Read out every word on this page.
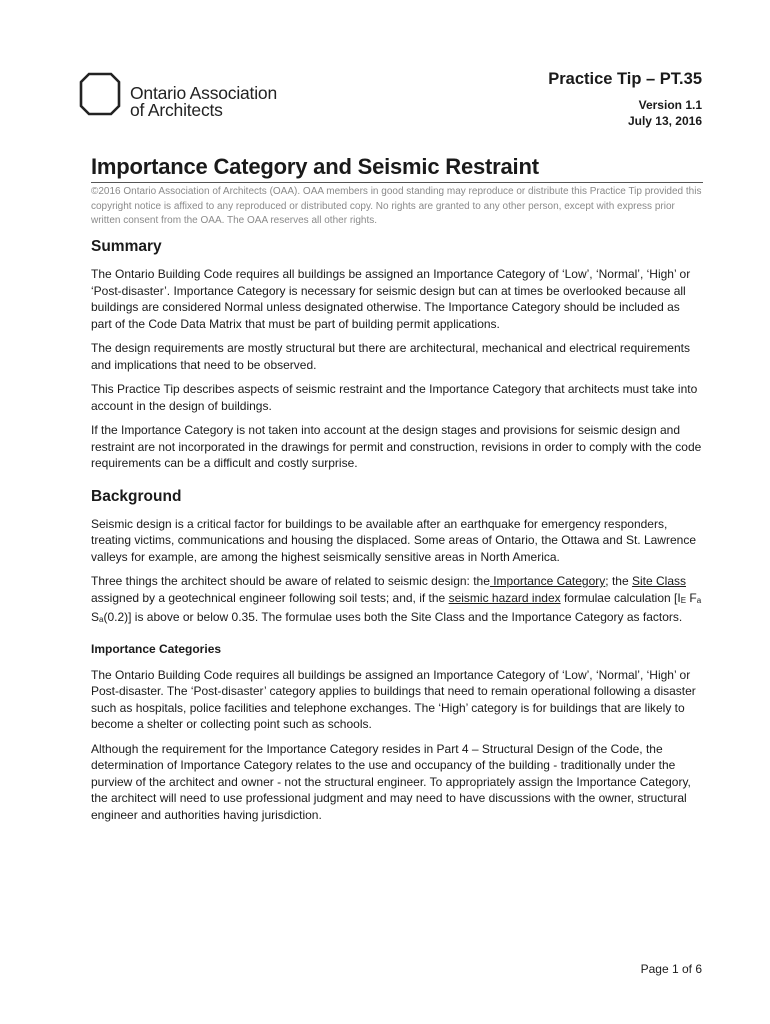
Ontario Association
of Architects
Practice Tip – PT.35
Version 1.1
July 13, 2016
Importance Category and Seismic Restraint
©2016 Ontario Association of Architects (OAA). OAA members in good standing may reproduce or distribute this Practice Tip provided this copyright notice is affixed to any reproduced or distributed copy. No rights are granted to any other person, except with express prior written consent from the OAA. The OAA reserves all other rights.
Summary

The Ontario Building Code requires all buildings be assigned an Importance Category of ‘Low’, ‘Normal’, ‘High’ or ‘Post-disaster’. Importance Category is necessary for seismic design but can at times be overlooked because all buildings are considered Normal unless designated otherwise. The Importance Category should be included as part of the Code Data Matrix that must be part of building permit applications.

The design requirements are mostly structural but there are architectural, mechanical and electrical requirements and implications that need to be observed.

This Practice Tip describes aspects of seismic restraint and the Importance Category that architects must take into account in the design of buildings.

If the Importance Category is not taken into account at the design stages and provisions for seismic design and restraint are not incorporated in the drawings for permit and construction, revisions in order to comply with the code requirements can be a difficult and costly surprise.

Background

Seismic design is a critical factor for buildings to be available after an earthquake for emergency responders, treating victims, communications and housing the displaced. Some areas of Ontario, the Ottawa and St. Lawrence valleys for example, are among the highest seismically sensitive areas in North America.

Three things the architect should be aware of related to seismic design: the Importance Category; the Site Class assigned by a geotechnical engineer following soil tests; and, if the seismic hazard index formulae calculation [$I_E$ $F_a$ $S_a(0.2)$] is above or below 0.35. The formulae uses both the Site Class and the Importance Category as factors.

Importance Categories

The Ontario Building Code requires all buildings be assigned an Importance Category of ‘Low’, ‘Normal’, ‘High’ or Post-disaster. The ‘Post-disaster’ category applies to buildings that need to remain operational following a disaster such as hospitals, police facilities and telephone exchanges. The ‘High’ category is for buildings that are likely to become a shelter or collecting point such as schools.

Although the requirement for the Importance Category resides in Part 4 – Structural Design of the Code, the determination of Importance Category relates to the use and occupancy of the building - traditionally under the purview of the architect and owner - not the structural engineer. To appropriately assign the Importance Category, the architect will need to use professional judgment and may need to have discussions with the owner, structural engineer and authorities having jurisdiction.

Page 1 of 6
